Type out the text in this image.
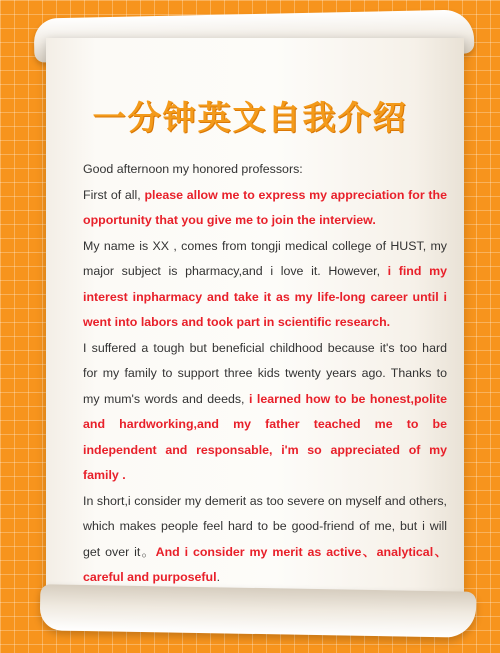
一分钟英文自我介绍

Good afternoon my honored professors:

First of all, please allow me to express my appreciation for the opportunity that you give me to join the interview.

My name is XX , comes from tongji medical college of HUST, my major subject is pharmacy,and i love it. However, i find my interest inpharmacy and take it as my life-long career until i went into labors and took part in scientific research.

I suffered a tough but beneficial childhood because it's too hard for my family to support three kids twenty years ago. Thanks to my mum's words and deeds, i learned how to be honest,polite and hardworking,and my father teached me to be independent and responsable, i'm so appreciated of my family .

In short,i consider my demerit as too severe on myself and others, which makes people feel hard to be good-friend of me, but i will get over it。And i consider my merit as active、analytical、careful and purposeful.
